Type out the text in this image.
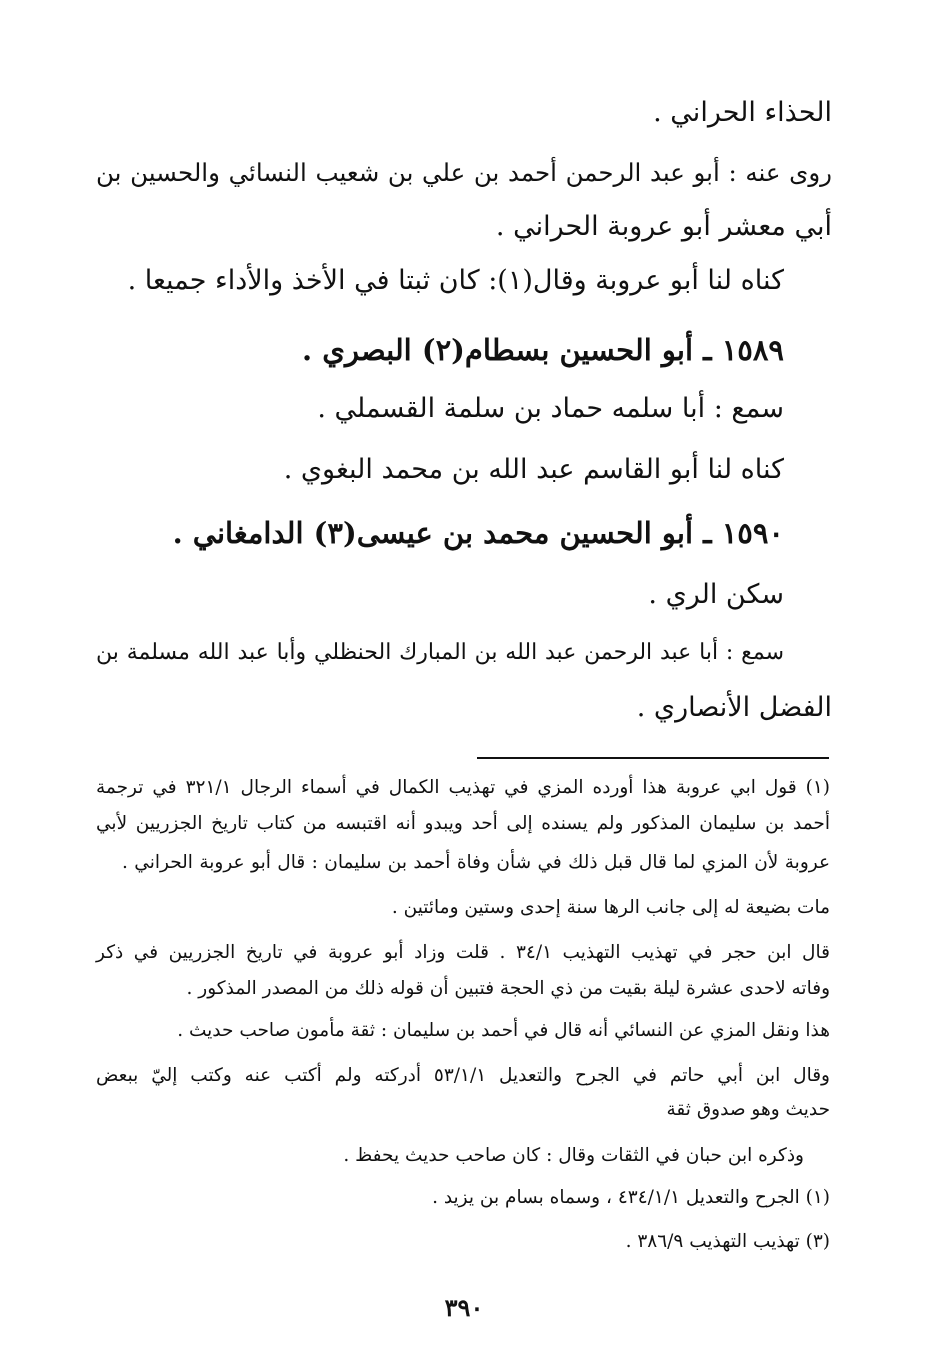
الحذاء الحراني .
روى عنه : أبو عبد الرحمن أحمد بن علي بن شعيب النسائي والحسين بن
أبي معشر أبو عروبة الحراني .
كناه لنا أبو عروبة وقال(١): كان ثبتا في الأخذ والأداء جميعا .
١٥٨٩ ـ أبو الحسين بسطام(٢) البصري .
سمع : أبا سلمه حماد بن سلمة القسملي .
كناه لنا أبو القاسم عبد الله بن محمد البغوي .
١٥٩٠ ـ أبو الحسين محمد بن عيسى(٣) الدامغاني .
سكن الري .
سمع : أبا عبد الرحمن عبد الله بن المبارك الحنظلي وأبا عبد الله مسلمة بن
الفضل الأنصاري .
(١) قول ابي عروبة هذا أورده المزي في تهذيب الكمال في أسماء الرجال ٣٢١/١ في ترجمة
أحمد بن سليمان المذكور ولم يسنده إلى أحد ويبدو أنه اقتبسه من كتاب تاريخ الجزريين لأبي
عروبة لأن المزي لما قال قبل ذلك في شأن وفاة أحمد بن سليمان : قال أبو عروبة الحراني .
مات بضيعة له إلى جانب الرها سنة إحدى وستين ومائتين .
قال ابن حجر في تهذيب التهذيب ٣٤/١ . قلت وزاد أبو عروبة في تاريخ الجزريين في ذكر
وفاته لاحدى عشرة ليلة بقيت من ذي الحجة فتبين أن قوله ذلك من المصدر المذكور .
هذا ونقل المزي عن النسائي أنه قال في أحمد بن سليمان : ثقة مأمون صاحب حديث .
وقال ابن أبي حاتم في الجرح والتعديل ٥٣/١/١ أدركته ولم أكتب عنه وكتب إليّ ببعض
حديث وهو صدوق ثقة
وذكره ابن حبان في الثقات وقال : كان صاحب حديث يحفظ .
(١) الجرح والتعديل ٤٣٤/١/١ ، وسماه بسام بن يزيد .
(٣) تهذيب التهذيب ٣٨٦/٩ .
٣٩٠
